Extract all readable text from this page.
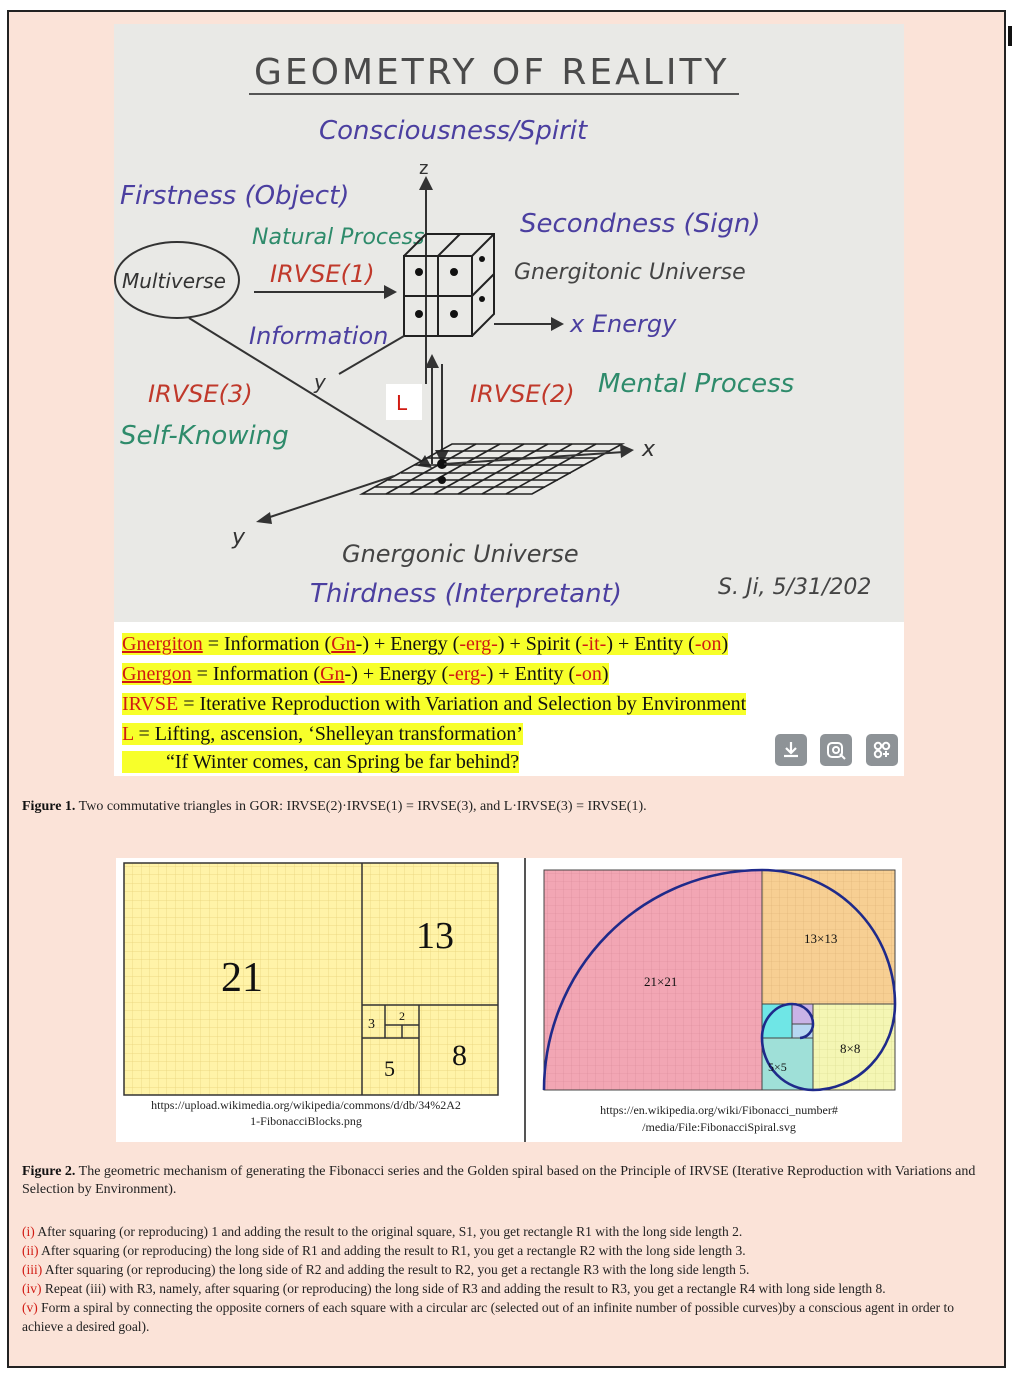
GEOMETRY OF REALITY
Consciousness/Spirit
z
Firstness (Object)
Natural Process	Secondness (Sign)
Multiverse IRVSE(1)	Gnergitonic Universe
x Energy
Information
y
IRVSE(3)
Self-Knowing
L	IRVSE(2) Mental Process
x
y
Gnergonic Universe
Thirdness (Interpretant)	S. Ji, 5/31/202
Gnergiton = Information (Gn-) + Energy (-erg-) + Spirit (-it-) + Entity (-on)
Gnergon = Information (Gn-) + Energy (-erg-) + Entity (-on)
IRVSE = Iterative Reproduction with Variation and Selection by Environment
L = Lifting, ascension, ‘Shelleyan transformation’
“If Winter comes, can Spring be far behind?
Figure 1. Two commutative triangles in GOR: IRVSE(2)·IRVSE(1) = IRVSE(3), and L·IRVSE(3) = IRVSE(1).
21
13
8
5
3
2
https://upload.wikimedia.org/wikipedia/commons/d/db/34%2A2
1-FibonacciBlocks.png
21×21
13×13
8×8
5×5
https://en.wikipedia.org/wiki/Fibonacci_number#
/media/File:FibonacciSpiral.svg
Figure 2. The geometric mechanism of generating the Fibonacci series and the Golden spiral based on the Principle of IRVSE (Iterative Reproduction with Variations and Selection by Environment).
(i) After squaring (or reproducing) 1 and adding the result to the original square, S1, you get rectangle R1 with the long side length 2.
(ii) After squaring (or reproducing) the long side of R1 and adding the result to R1, you get a rectangle R2 with the long side length 3.
(iii) After squaring (or reproducing) the long side of R2 and adding the result to R2, you get a rectangle R3 with the long side length 5.
(iv) Repeat (iii) with R3, namely, after squaring (or reproducing) the long side of R3 and adding the result to R3, you get a rectangle R4 with long side length 8.
(v) Form a spiral by connecting the opposite corners of each square with a circular arc (selected out of an infinite number of possible curves)by a conscious agent in order to achieve a desired goal).
